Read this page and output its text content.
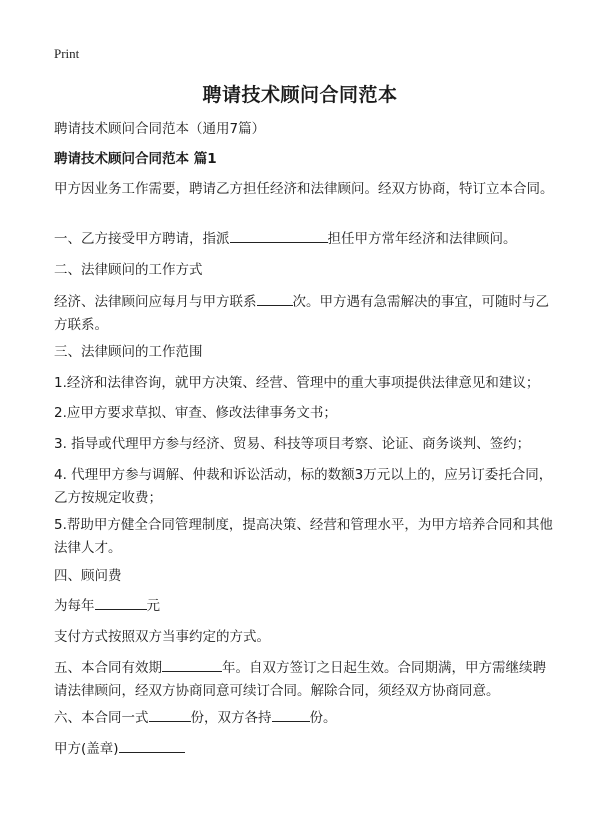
Print
聘请技术顾问合同范本
聘请技术顾问合同范本（通用7篇）
聘请技术顾问合同范本 篇1
甲方因业务工作需要，聘请乙方担任经济和法律顾问。经双方协商，特订立本合同。
一、乙方接受甲方聘请，指派	担任甲方常年经济和法律顾问。
二、法律顾问的工作方式
经济、法律顾问应每月与甲方联系	次。甲方遇有急需解决的事宜，可随时与乙方联系。
三、法律顾问的工作范围
1.经济和法律咨询，就甲方决策、经营、管理中的重大事项提供法律意见和建议；
2.应甲方要求草拟、审查、修改法律事务文书；
3. 指导或代理甲方参与经济、贸易、科技等项目考察、论证、商务谈判、签约；
4. 代理甲方参与调解、仲裁和诉讼活动，标的数额3万元以上的，应另订委托合同，乙方按规定收费；
5.帮助甲方健全合同管理制度，提高决策、经营和管理水平，为甲方培养合同和其他法律人才。
四、顾问费
为每年	元
支付方式按照双方当事约定的方式。
五、本合同有效期	年。自双方签订之日起生效。合同期满，甲方需继续聘请法律顾问，经双方协商同意可续订合同。解除合同，须经双方协商同意。
六、本合同一式	份，双方各持	份。
甲方(盖章)
